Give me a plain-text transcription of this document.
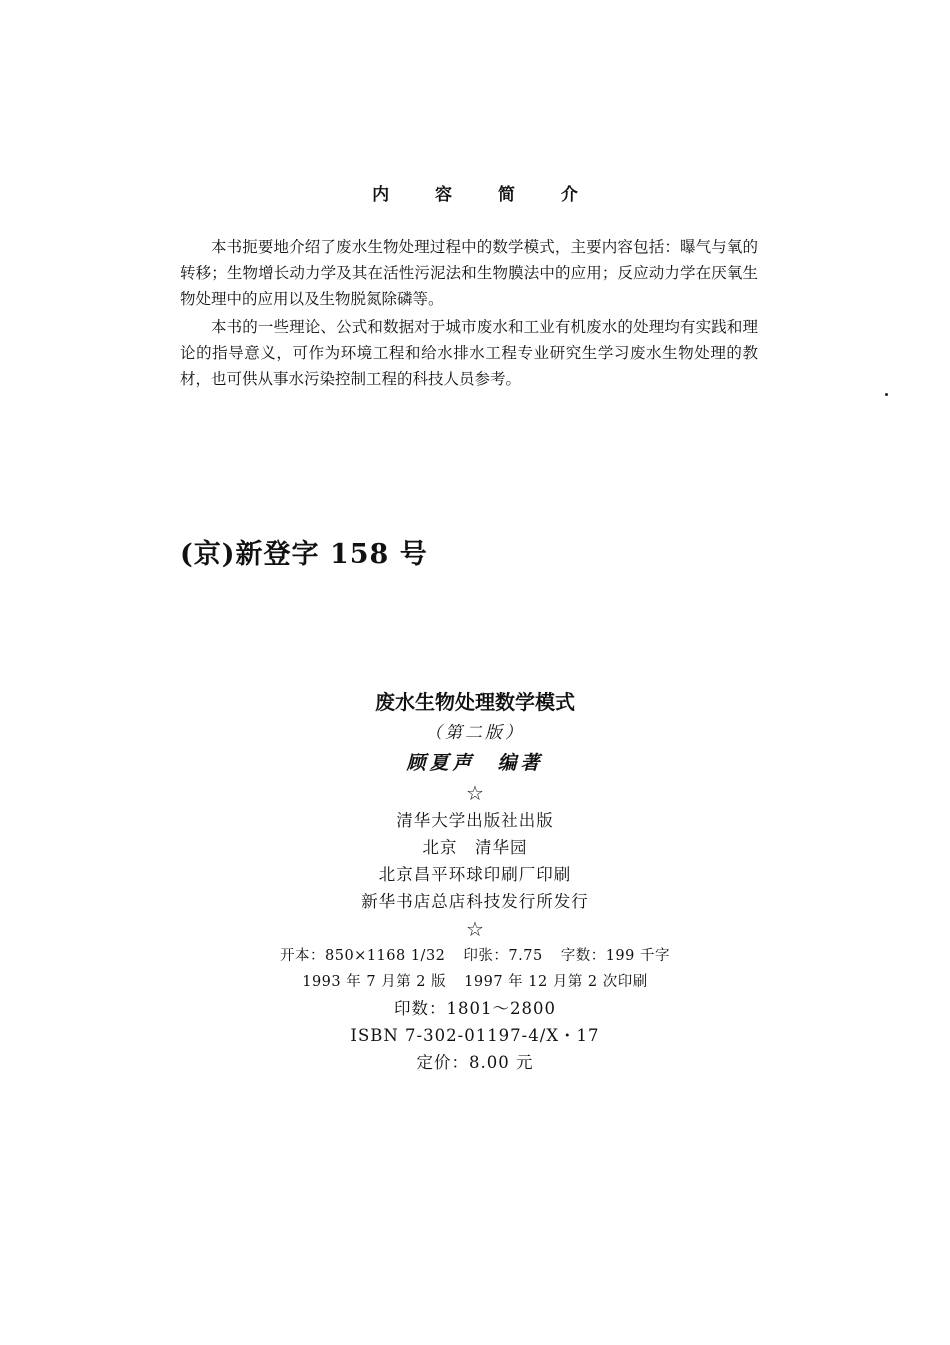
内 容 简 介

本书扼要地介绍了废水生物处理过程中的数学模式，主要内容包括：曝气与氧的转移；生物增长动力学及其在活性污泥法和生物膜法中的应用；反应动力学在厌氧生物处理中的应用以及生物脱氮除磷等。

本书的一些理论、公式和数据对于城市废水和工业有机废水的处理均有实践和理论的指导意义，可作为环境工程和给水排水工程专业研究生学习废水生物处理的教材，也可供从事水污染控制工程的科技人员参考。

(京)新登字 158 号
废水生物处理数学模式
（第二版）
顾夏声 编著
☆
清华大学出版社出版
北京　清华园
北京昌平环球印刷厂印刷
新华书店总店科技发行所发行
☆
开本：850×1168 1/32 印张：7.75 字数：199 千字
1993 年 7 月第 2 版 1997 年 12 月第 2 次印刷
印数：1801～2800
ISBN 7-302-01197-4/X・17
定价：8.00 元
